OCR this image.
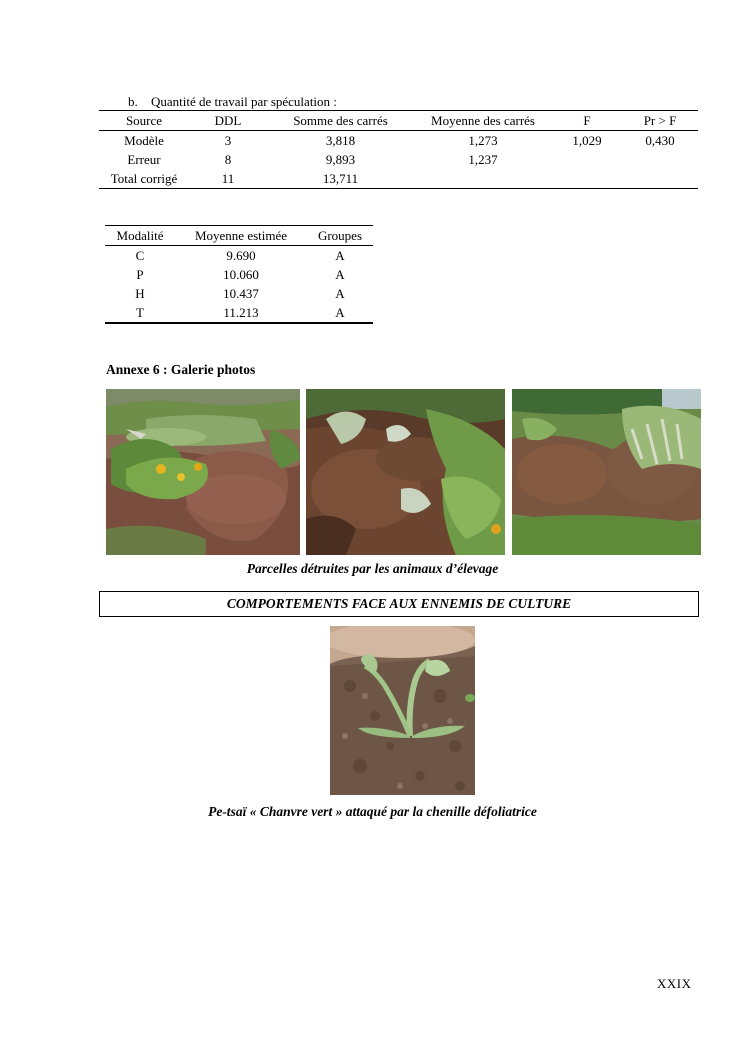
b. Quantité de travail par spéculation :
Source	DDL	Somme des carrés	Moyenne des carrés	F	Pr > F
Modèle	3	3,818	1,273	1,029	0,430
Erreur	8	9,893	1,237		
Total corrigé	11	13,711			
Modalité	Moyenne estimée	Groupes
C	9.690	A
P	10.060	A
H	10.437	A
T	11.213	A
Annexe 6 : Galerie photos
Parcelles détruites par les animaux d’élevage
COMPORTEMENTS FACE AUX ENNEMIS DE CULTURE
Pe-tsaï « Chanvre vert » attaqué par la chenille défoliatrice
XXIX
